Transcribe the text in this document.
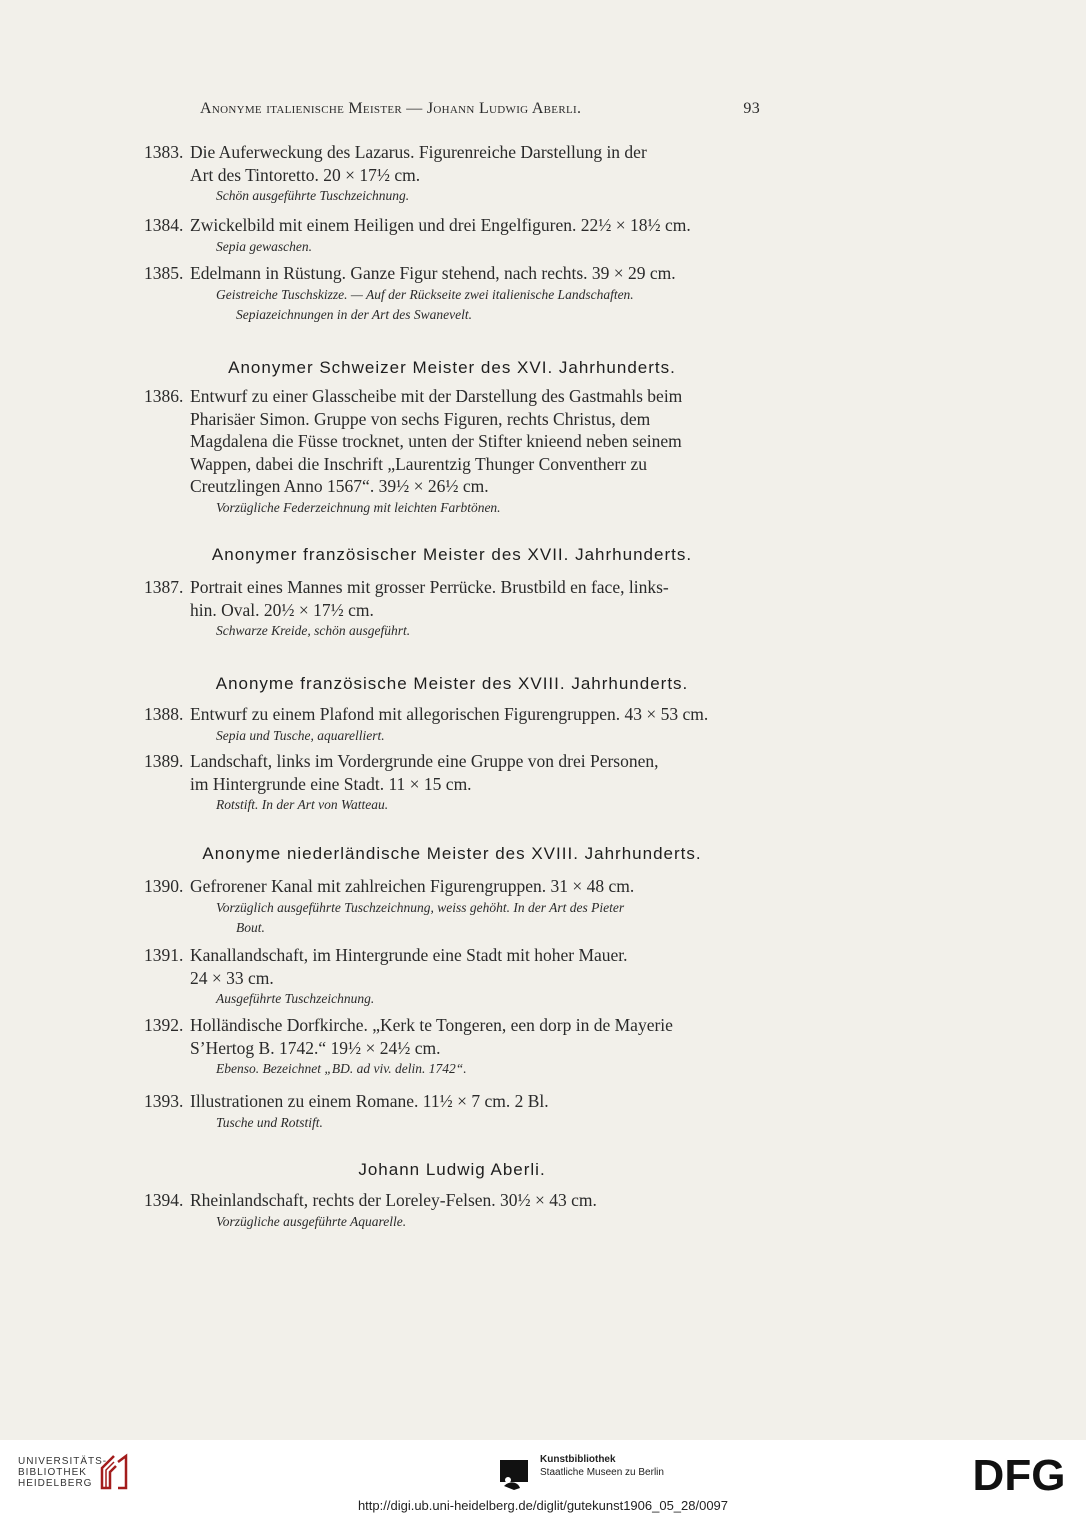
Anonyme italienische Meister — Johann Ludwig Aberli.	93
1383. Die Auferweckung des Lazarus. Figurenreiche Darstellung in der
Art des Tintoretto. 20 × 17½ cm.
Schön ausgeführte Tuschzeichnung.
1384. Zwickelbild mit einem Heiligen und drei Engelfiguren. 22½ × 18½ cm.
Sepia gewaschen.
1385. Edelmann in Rüstung. Ganze Figur stehend, nach rechts. 39 × 29 cm.
Geistreiche Tuschskizze. — Auf der Rückseite zwei italienische Landschaften.
Sepiazeichnungen in der Art des Swanevelt.
Anonymer Schweizer Meister des XVI. Jahrhunderts.
1386. Entwurf zu einer Glasscheibe mit der Darstellung des Gastmahls beim
Pharisäer Simon. Gruppe von sechs Figuren, rechts Christus, dem
Magdalena die Füsse trocknet, unten der Stifter knieend neben seinem
Wappen, dabei die Inschrift „Laurentzig Thunger Conventherr zu
Creutzlingen Anno 1567“. 39½ × 26½ cm.
Vorzügliche Federzeichnung mit leichten Farbtönen.
Anonymer französischer Meister des XVII. Jahrhunderts.
1387. Portrait eines Mannes mit grosser Perrücke. Brustbild en face, links-
hin. Oval. 20½ × 17½ cm.
Schwarze Kreide, schön ausgeführt.
Anonyme französische Meister des XVIII. Jahrhunderts.
1388. Entwurf zu einem Plafond mit allegorischen Figurengruppen. 43 × 53 cm.
Sepia und Tusche, aquarelliert.
1389. Landschaft, links im Vordergrunde eine Gruppe von drei Personen,
im Hintergrunde eine Stadt. 11 × 15 cm.
Rotstift. In der Art von Watteau.
Anonyme niederländische Meister des XVIII. Jahrhunderts.
1390. Gefrorener Kanal mit zahlreichen Figurengruppen. 31 × 48 cm.
Vorzüglich ausgeführte Tuschzeichnung, weiss gehöht. In der Art des Pieter
Bout.
1391. Kanallandschaft, im Hintergrunde eine Stadt mit hoher Mauer.
24 × 33 cm.
Ausgeführte Tuschzeichnung.
1392. Holländische Dorfkirche. „Kerk te Tongeren, een dorp in de Mayerie
S’Hertog B. 1742.“ 19½ × 24½ cm.
Ebenso. Bezeichnet „BD. ad viv. delin. 1742“.
1393. Illustrationen zu einem Romane. 11½ × 7 cm. 2 Bl.
Tusche und Rotstift.
Johann Ludwig Aberli.
1394. Rheinlandschaft, rechts der Loreley-Felsen. 30½ × 43 cm.
Vorzügliche ausgeführte Aquarelle.
UNIVERSITÄTS-
BIBLIOTHEK
HEIDELBERG
Kunstbibliothek
Staatliche Museen zu Berlin	DFG
http://digi.ub.uni-heidelberg.de/diglit/gutekunst1906_05_28/0097
